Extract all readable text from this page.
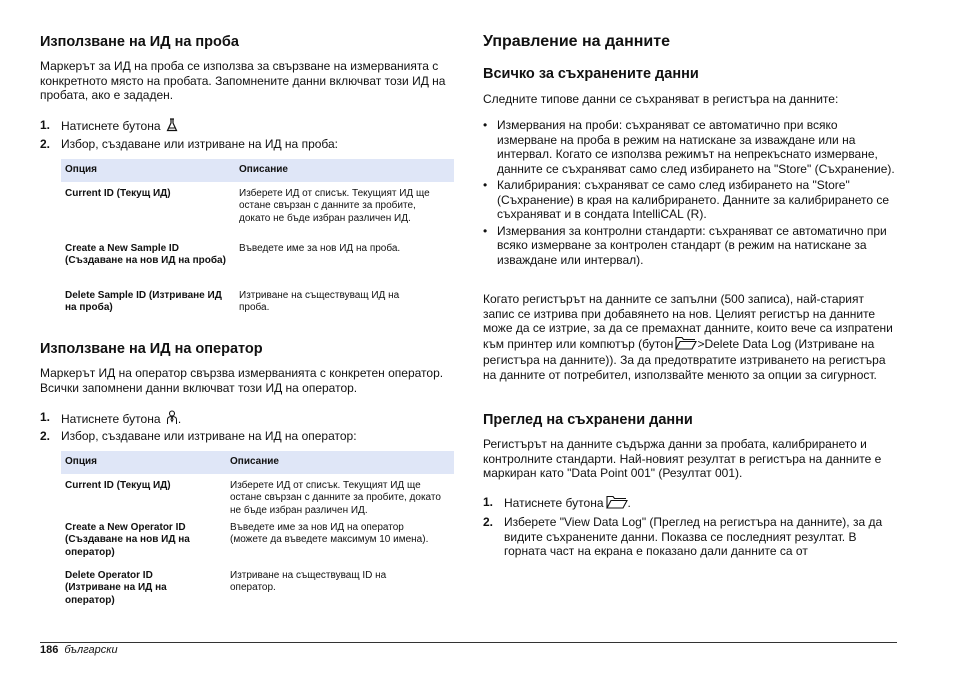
Използване на ИД на проба

Маркерът за ИД на проба се използва за свързване на измерванията с конкретното място на пробата. Запомнените данни включват този ИД на пробата, ако е зададен.

1. Натиснете бутона
2. Избор, създаване или изтриване на ИД на проба:
Опция	Описание
Current ID (Текущ ИД)	Изберете ИД от списък. Текущият ИД ще остане свързан с данните за пробите, докато не бъде избран различен ИД.
Create a New Sample ID (Създаване на нов ИД на проба)	Въведете име за нов ИД на проба.
Delete Sample ID (Изтриване ИД на проба)	Изтриване на съществуващ ИД на проба.
Използване на ИД на оператор

Маркерът ИД на оператор свързва измерванията с конкретен оператор. Всички запомнени данни включват този ИД на оператор.

1. Натиснете бутона .
2. Избор, създаване или изтриване на ИД на оператор:
Опция	Описание
Current ID (Текущ ИД)	Изберете ИД от списък. Текущият ИД ще остане свързан с данните за пробите, докато не бъде избран различен ИД.
Create a New Operator ID (Създаване на нов ИД на оператор)	Въведете име за нов ИД на оператор (можете да въведете максимум 10 имена).
Delete Operator ID (Изтриване на ИД на оператор)	Изтриване на съществуващ ID на оператор.
Управление на данните
Всичко за съхранените данни

Следните типове данни се съхраняват в регистъра на данните:

• Измервания на проби: съхраняват се автоматично при всяко измерване на проба в режим на натискане за изваждане или на интервал. Когато се използва режимът на непрекъснато измерване, данните се съхраняват само след избирането на "Store" (Съхранение).
• Калибрирания: съхраняват се само след избирането на "Store" (Съхранение) в края на калибрирането. Данните за калибрирането се съхраняват и в сондата IntelliCAL (R).
• Измервания за контролни стандарти: съхраняват се автоматично при всяко измерване за контролен стандарт (в режим на натискане за изваждане или интервал).

Когато регистърът на данните се запълни (500 записа), най-старият запис се изтрива при добавянето на нов. Целият регистър на данните може да се изтрие, за да се премахнат данните, които вече са изпратени към принтер или компютър (бутон >Delete Data Log (Изтриване на регистъра на данните)). За да предотвратите изтриването на регистъра на данните от потребител, използвайте менюто за опции за сигурност.

Преглед на съхранени данни

Регистърът на данните съдържа данни за пробата, калибрирането и контролните стандарти. Най-новият резултат в регистъра на данните е маркиран като "Data Point 001" (Резултат 001).

1. Натиснете бутона .
2. Изберете "View Data Log" (Преглед на регистъра на данните), за да видите съхранените данни. Показва се последният резултат. В горната част на екрана е показано дали данните са от
186 български
